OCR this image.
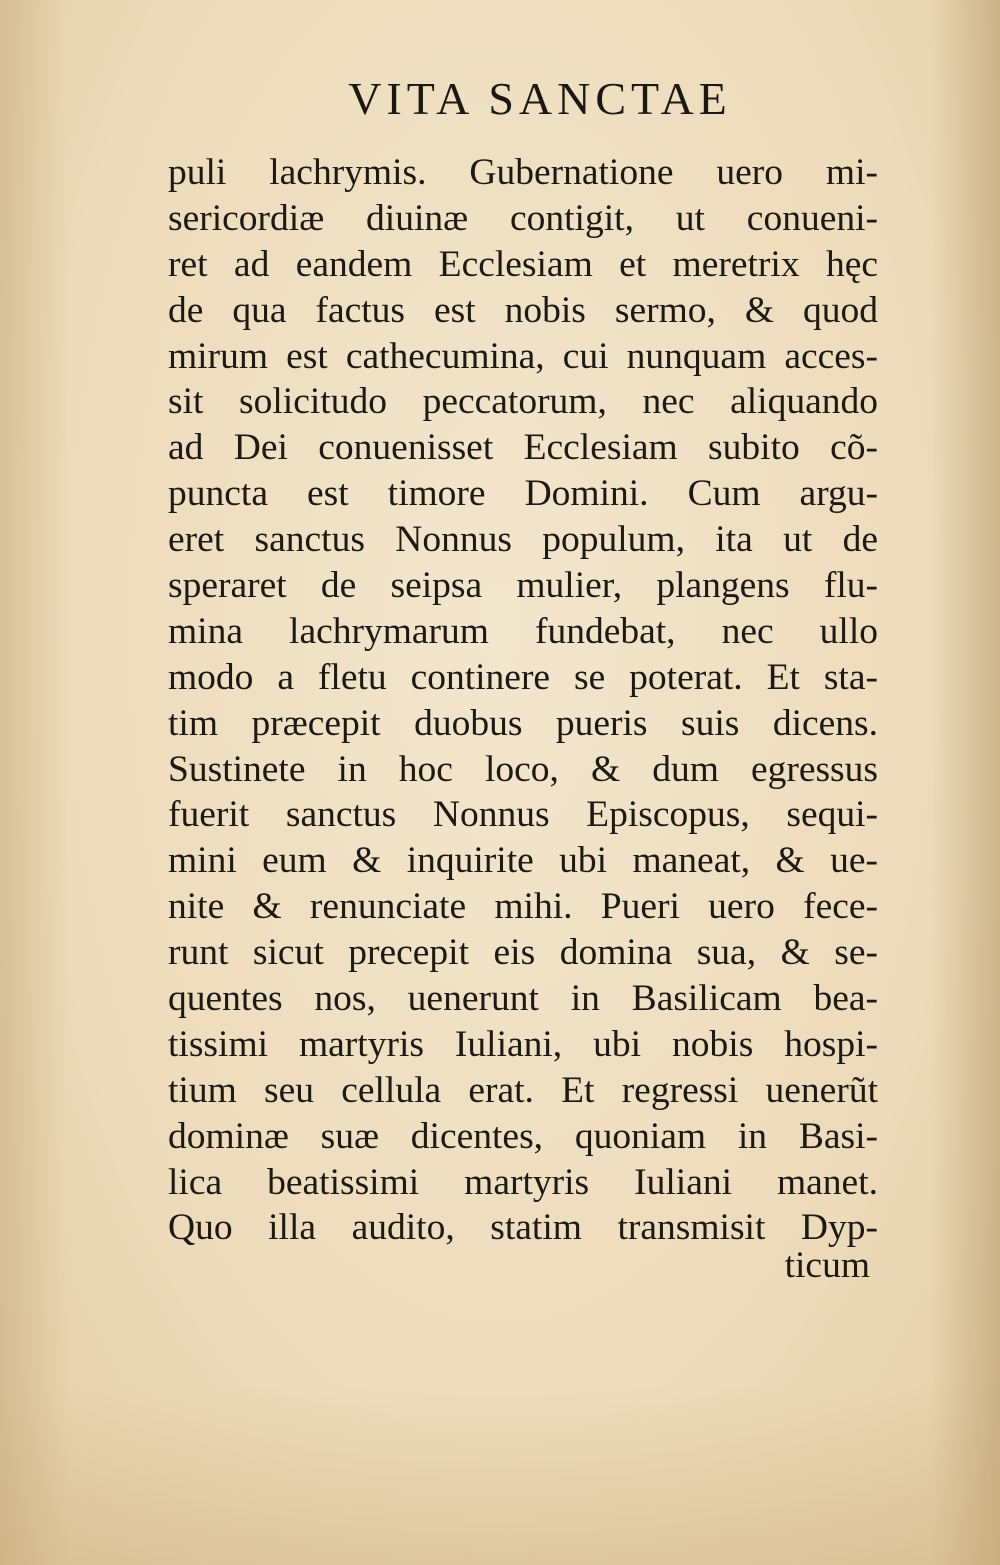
VITA SANCTAE
puli lachrymis. Gubernatione uero mi-
sericordiæ diuinæ contigit, ut conueni-
ret ad eandem Ecclesiam et meretrix hęc
de qua factus est nobis sermo, & quod
mirum est cathecumina, cui nunquam acces-
sit solicitudo peccatorum, nec aliquando
ad Dei conuenisset Ecclesiam subito cõ-
puncta est timore Domini. Cum argu-
eret sanctus Nonnus populum, ita ut de
speraret de seipsa mulier, plangens flu-
mina lachrymarum fundebat, nec ullo
modo a fletu continere se poterat. Et sta-
tim præcepit duobus pueris suis dicens.
Sustinete in hoc loco, & dum egressus
fuerit sanctus Nonnus Episcopus, sequi-
mini eum & inquirite ubi maneat, & ue-
nite & renunciate mihi. Pueri uero fece-
runt sicut precepit eis domina sua, & se-
quentes nos, uenerunt in Basilicam bea-
tissimi martyris Iuliani, ubi nobis hospi-
tium seu cellula erat. Et regressi uenerũt
dominæ suæ dicentes, quoniam in Basi-
lica beatissimi martyris Iuliani manet.
Quo illa audito, statim transmisit Dyp-
ticum
